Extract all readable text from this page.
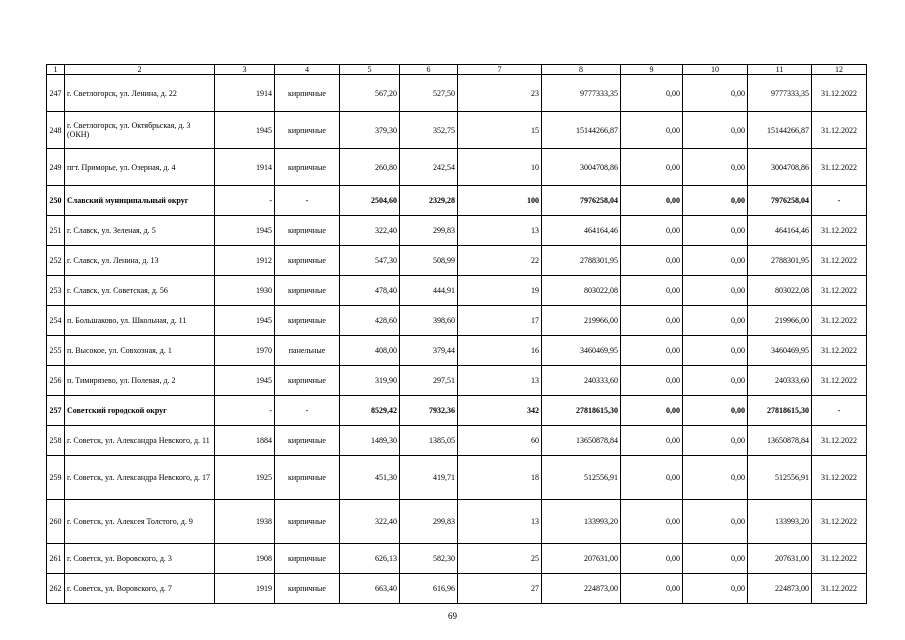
1	2	3	4	5	6	7	8	9	10	11	12
247	г. Светлогорск, ул. Ленина, д. 22	1914	кирпичные	567,20	527,50	23	9777333,35	0,00	0,00	9777333,35	31.12.2022
248	г. Светлогорск, ул. Октябрьская, д. 3 (ОКН)	1945	кирпичные	379,30	352,75	15	15144266,87	0,00	0,00	15144266,87	31.12.2022
249	пгт. Приморье, ул. Озерная, д. 4	1914	кирпичные	260,80	242,54	10	3004708,86	0,00	0,00	3004708,86	31.12.2022
250	Славский муниципальный округ	-	-	2504,60	2329,28	100	7976258,04	0,00	0,00	7976258,04	-
251	г. Славск, ул. Зеленая, д. 5	1945	кирпичные	322,40	299,83	13	464164,46	0,00	0,00	464164,46	31.12.2022
252	г. Славск, ул. Ленина, д. 13	1912	кирпичные	547,30	508,99	22	2788301,95	0,00	0,00	2788301,95	31.12.2022
253	г. Славск, ул. Советская, д. 56	1930	кирпичные	478,40	444,91	19	803022,08	0,00	0,00	803022,08	31.12.2022
254	п. Большаково, ул. Школьная, д. 11	1945	кирпичные	428,60	398,60	17	219966,00	0,00	0,00	219966,00	31.12.2022
255	п. Высокое, ул. Совхозная, д. 1	1970	панельные	408,00	379,44	16	3460469,95	0,00	0,00	3460469,95	31.12.2022
256	п. Тимирязево, ул. Полевая, д. 2	1945	кирпичные	319,90	297,51	13	240333,60	0,00	0,00	240333,60	31.12.2022
257	Советский городской округ	-	-	8529,42	7932,36	342	27818615,30	0,00	0,00	27818615,30	-
258	г. Советск, ул. Александра Невского, д. 11	1884	кирпичные	1489,30	1385,05	60	13650878,84	0,00	0,00	13650878,84	31.12.2022
259	г. Советск, ул. Александра Невского, д. 17	1925	кирпичные	451,30	419,71	18	512556,91	0,00	0,00	512556,91	31.12.2022
260	г. Советск, ул. Алексея Толстого, д. 9	1938	кирпичные	322,40	299,83	13	133993,20	0,00	0,00	133993,20	31.12.2022
261	г. Советск, ул. Воровского, д. 3	1908	кирпичные	626,13	582,30	25	207631,00	0,00	0,00	207631,00	31.12.2022
262	г. Советск, ул. Воровского, д. 7	1919	кирпичные	663,40	616,96	27	224873,00	0,00	0,00	224873,00	31.12.2022
69
